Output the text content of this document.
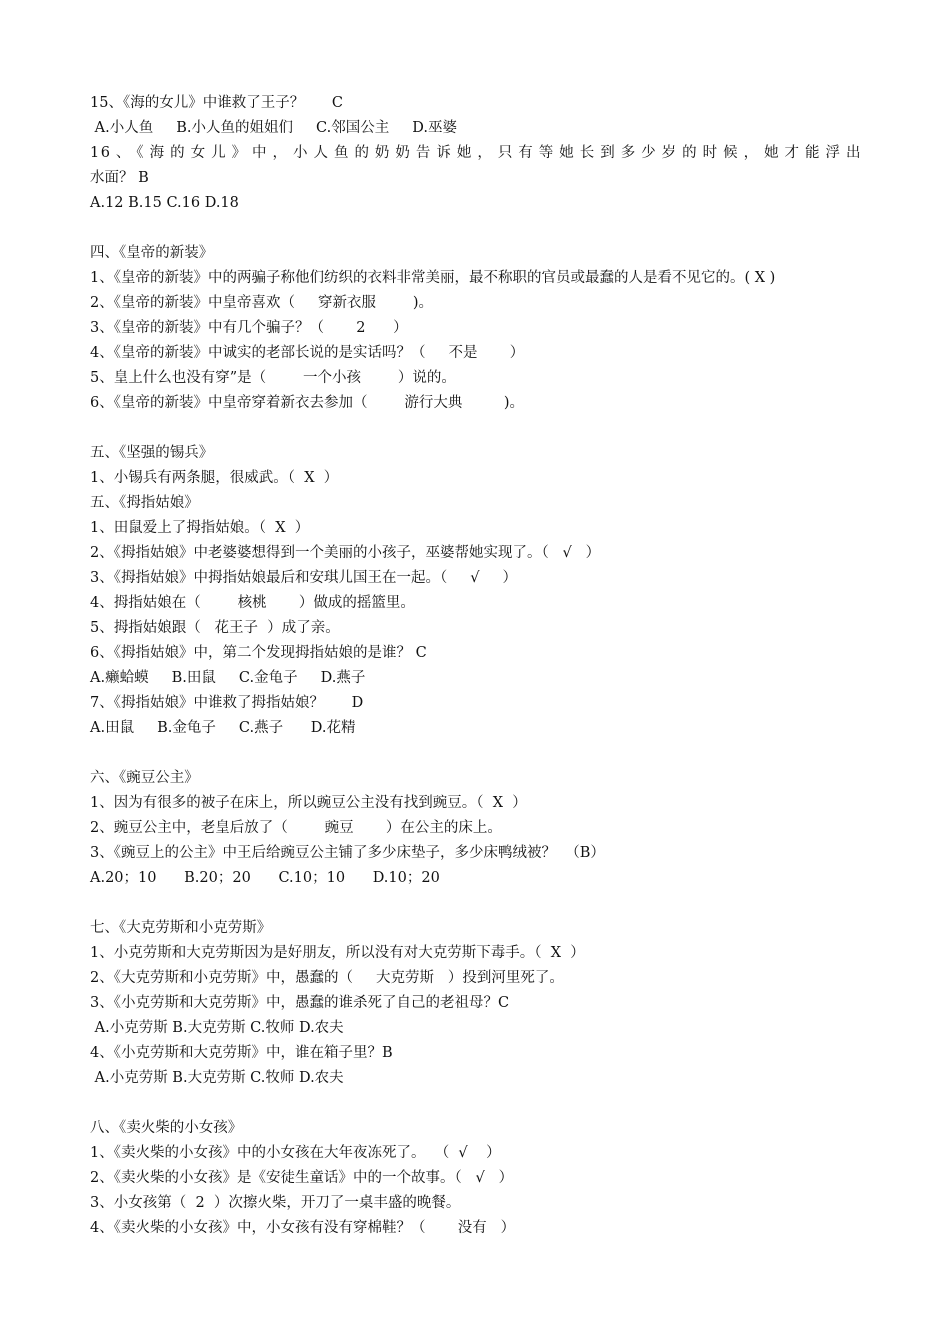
15、《海的女儿》中谁救了王子？      C
A.小人鱼     B.小人鱼的姐姐们     C.邻国公主     D.巫婆
16、《海的女儿》中，小人鱼的奶奶告诉她，只有等她长到多少岁的时候，她才能浮出
水面？ B
A.12 B.15 C.16 D.18
四、《皇帝的新装》
1、《皇帝的新装》中的两骗子称他们纺织的衣料非常美丽，最不称职的官员或最蠢的人是看不见它的。( X )
2、《皇帝的新装》中皇帝喜欢（     穿新衣服        )。
3、《皇帝的新装》中有几个骗子？（       2      ）
4、《皇帝的新装》中诚实的老部长说的是实话吗？（     不是       ）
5、皇上什么也没有穿”是（        一个小孩        ）说的。
6、《皇帝的新装》中皇帝穿着新衣去参加（        游行大典         )。
五、《坚强的锡兵》
1、小锡兵有两条腿，很威武。（  X  ）
五、《拇指姑娘》
1、田鼠爱上了拇指姑娘。（  X  ）
2、《拇指姑娘》中老婆婆想得到一个美丽的小孩子，巫婆帮她实现了。（   √   ）
3、《拇指姑娘》中拇指姑娘最后和安琪儿国王在一起。（     √     ）
4、拇指姑娘在（        核桃       ）做成的摇篮里。
5、拇指姑娘跟（   花王子  ）成了亲。
6、《拇指姑娘》中，第二个发现拇指姑娘的是谁？ C
A.癞蛤蟆     B.田鼠     C.金龟子     D.燕子
7、《拇指姑娘》中谁救了拇指姑娘？      D
A.田鼠     B.金龟子     C.燕子      D.花精
六、《豌豆公主》
1、因为有很多的被子在床上，所以豌豆公主没有找到豌豆。（  X  ）
2、豌豆公主中，老皇后放了（        豌豆       ）在公主的床上。
3、《豌豆上的公主》中王后给豌豆公主铺了多少床垫子，多少床鸭绒被？  （B）
A.20；10      B.20；20      C.10；10      D.10；20
七、《大克劳斯和小克劳斯》
1、小克劳斯和大克劳斯因为是好朋友，所以没有对大克劳斯下毒手。（  X  ）
2、《大克劳斯和小克劳斯》中，愚蠢的（     大克劳斯   ）投到河里死了。
3、《小克劳斯和大克劳斯》中，愚蠢的谁杀死了自己的老祖母？C
A.小克劳斯 B.大克劳斯 C.牧师 D.农夫
4、《小克劳斯和大克劳斯》中，谁在箱子里？B
A.小克劳斯 B.大克劳斯 C.牧师 D.农夫
八、《卖火柴的小女孩》
1、《卖火柴的小女孩》中的小女孩在大年夜冻死了。  （  √    ）
2、《卖火柴的小女孩》是《安徒生童话》中的一个故事。（   √   ）
3、小女孩第（  2  ）次擦火柴，开刀了一桌丰盛的晚餐。
4、《卖火柴的小女孩》中，小女孩有没有穿棉鞋？（       没有   ）
